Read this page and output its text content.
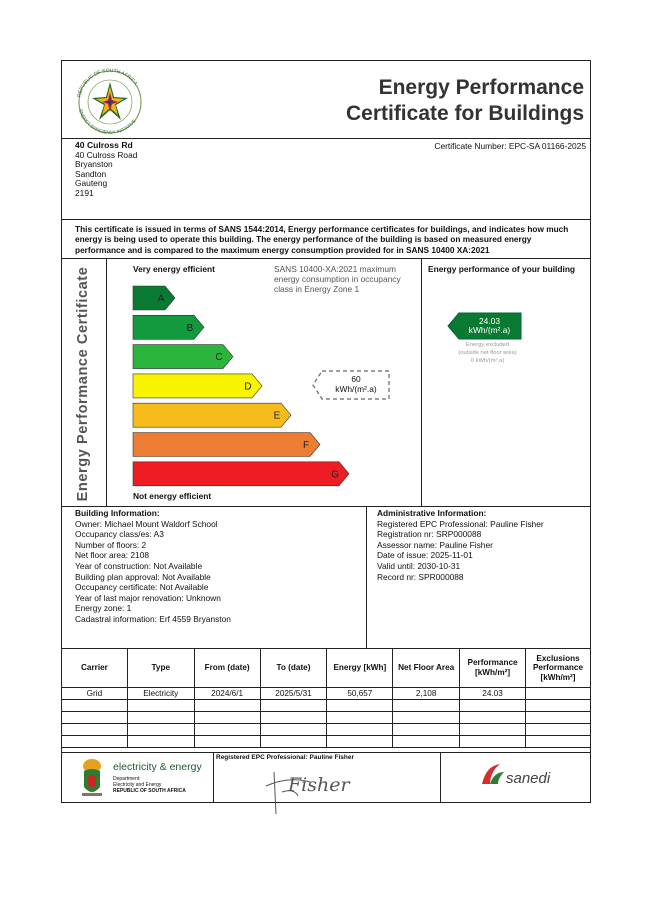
REPUBLIC OF SOUTH AFRICA
ENERGY EFFICIENCY INITIATIVE
Energy Performance
Certificate for Buildings
40 Culross Rd
40 Culross Road
Bryanston
Sandton
Gauteng
2191
Certificate Number: EPC-SA 01166-2025
This certificate is issued in terms of SANS 1544:2014, Energy performance certificates for buildings, and indicates how much energy is being used to operate this building. The energy performance of the building is based on measured energy performance and is compared to the maximum energy consumption provided for in SANS 10400 XA:2021
Energy Performance Certificate	Very energy efficient	SANS 10400-XA:2021 maximum energy consumption in occupancy class in Energy Zone 1
Energy performance of your building
A
B
C
D
E
F
G
60
kWh/(m².a)
24.03
kWh/(m².a)
Energy excluded
(outside net floor area)
0 kWh/(m².a)
Not energy efficient
Building Information:
Owner: Michael Mount Waldorf School
Occupancy class/es: A3
Number of floors: 2
Net floor area: 2108
Year of construction: Not Available
Building plan approval: Not Available
Occupancy certificate: Not Available
Year of last major renovation: Unknown
Energy zone: 1
Cadastral information: Erf 4559 Bryanston
Administrative Information:
Registered EPC Professional: Pauline Fisher
Registration nr: SRP000088
Assessor name: Pauline Fisher
Date of issue: 2025-11-01
Valid until: 2030-10-31
Record nr: SPR000088
Carrier	Type	From (date)	To (date)	Energy [kWh]	Net Floor Area	Performance [kWh/m²]	Exclusions Performance [kWh/m²]
Grid	Electricity	2024/6/1	2025/5/31	50,657	2,108	24.03	

electricity & energy
Department:
Electricity and Energy
REPUBLIC OF SOUTH AFRICA
Registered EPC Professional: Pauline Fisher
Fisher	sanedi
